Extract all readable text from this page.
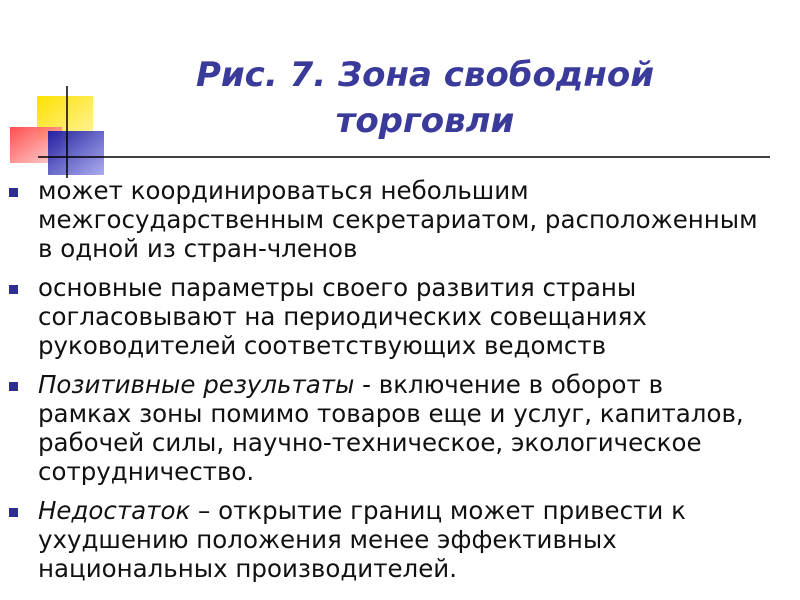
Рис. 7. Зона свободной
торговли
может координироваться небольшим межгосударственным секретариатом, расположенным в одной из стран-членов
основные параметры своего развития страны согласовывают на периодических совещаниях руководителей соответствующих ведомств
Позитивные результаты - включение в оборот в рамках зоны помимо товаров еще и услуг, капиталов, рабочей силы, научно-техническое, экологическое сотрудничество.
Недостаток – открытие границ может привести к ухудшению положения менее эффективных национальных производителей.
